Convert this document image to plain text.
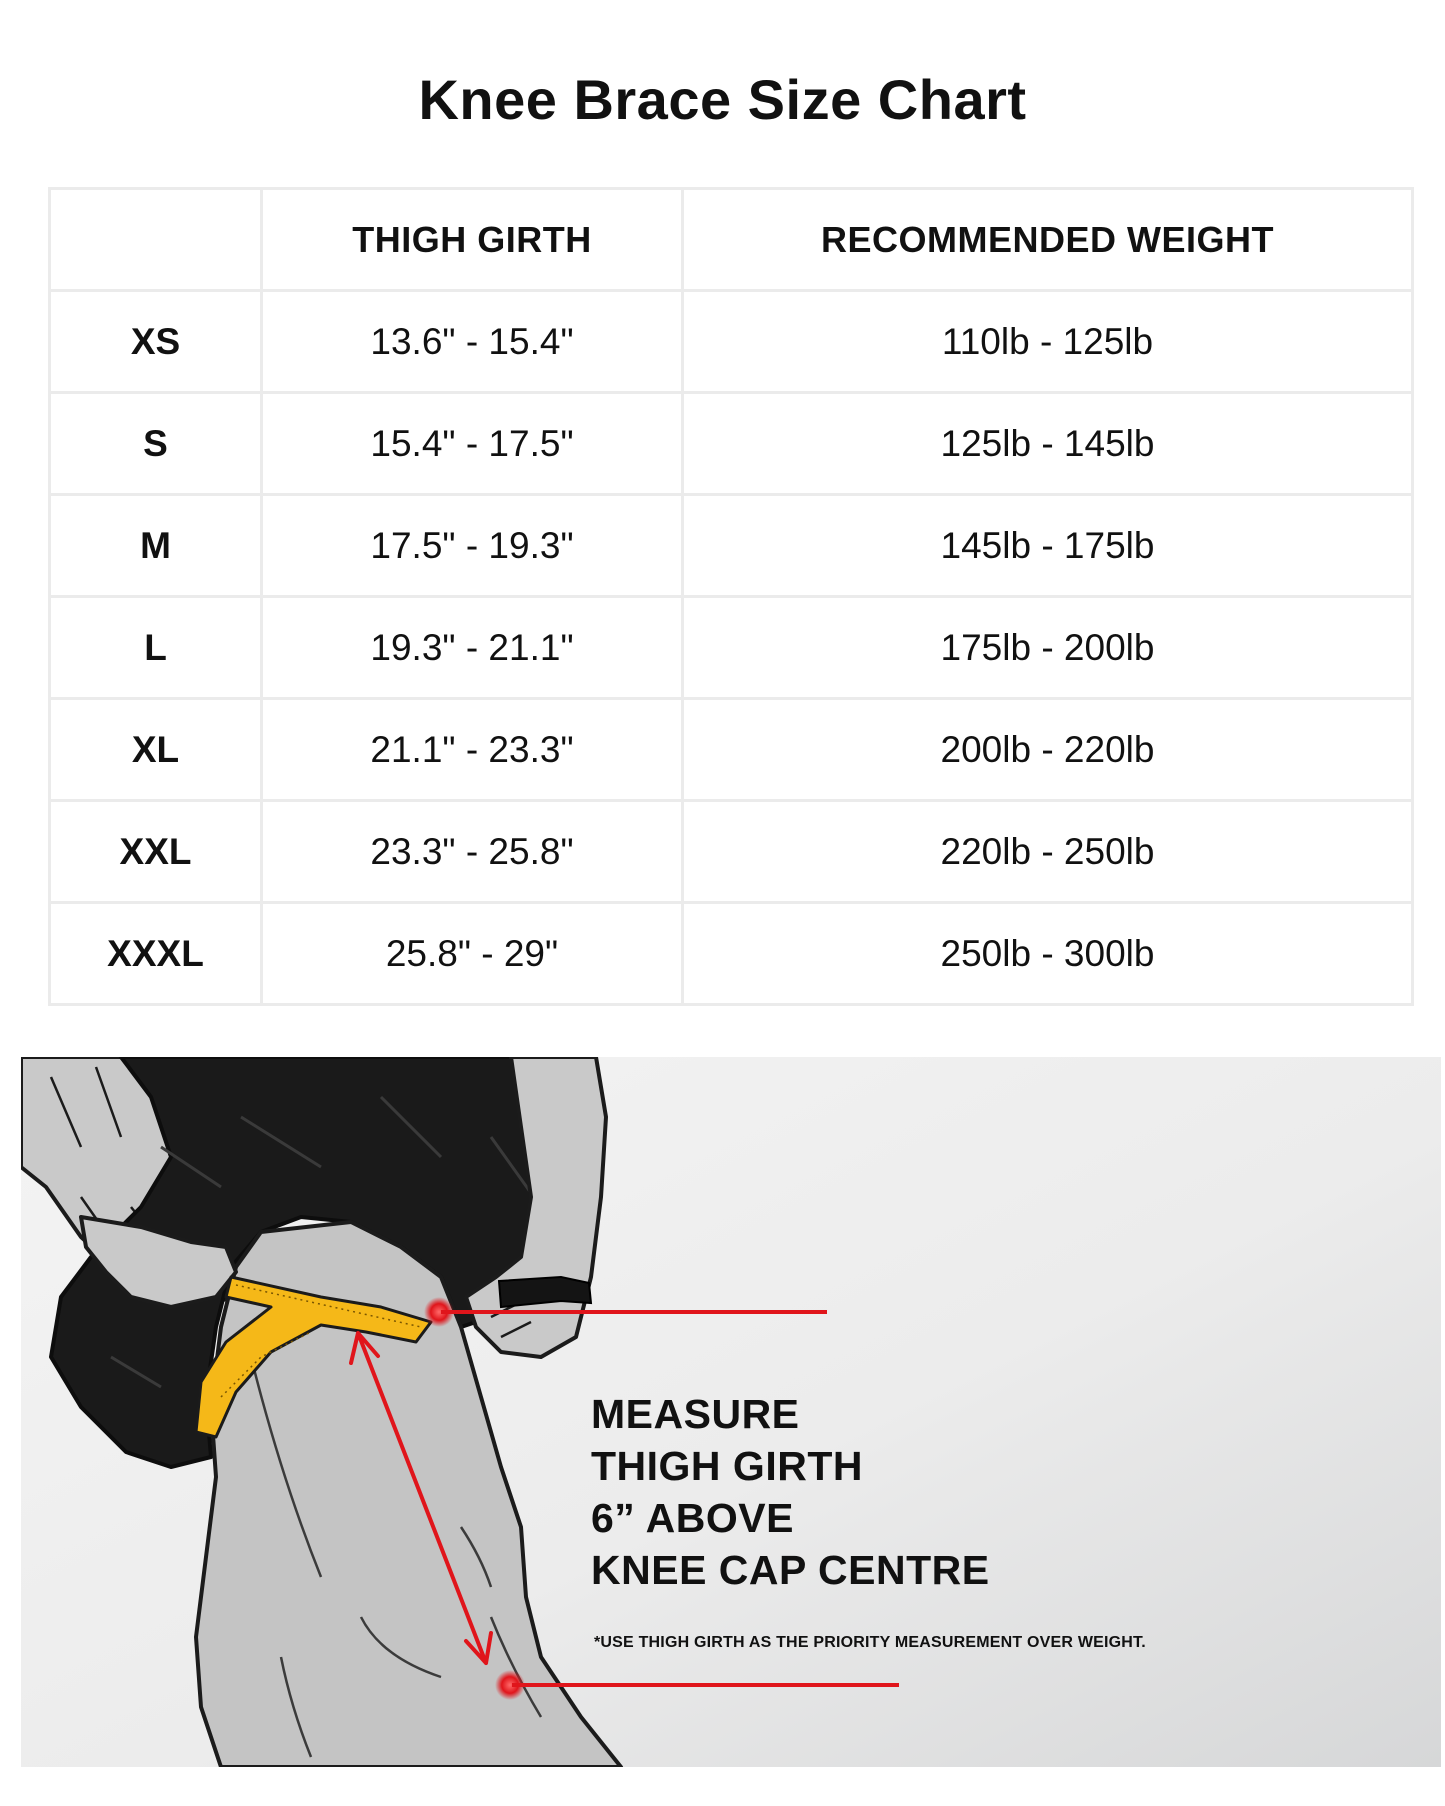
Knee Brace Size Chart
	THIGH GIRTH	RECOMMENDED WEIGHT
XS	13.6" - 15.4"	110lb - 125lb
S	15.4" - 17.5"	125lb - 145lb
M	17.5" - 19.3"	145lb - 175lb
L	19.3" - 21.1"	175lb - 200lb
XL	21.1" - 23.3"	200lb - 220lb
XXL	23.3" - 25.8"	220lb - 250lb
XXXL	25.8" - 29"	250lb - 300lb
MEASURE
THIGH GIRTH
6” ABOVE
KNEE CAP CENTRE
*USE THIGH GIRTH AS THE PRIORITY MEASUREMENT OVER WEIGHT.
